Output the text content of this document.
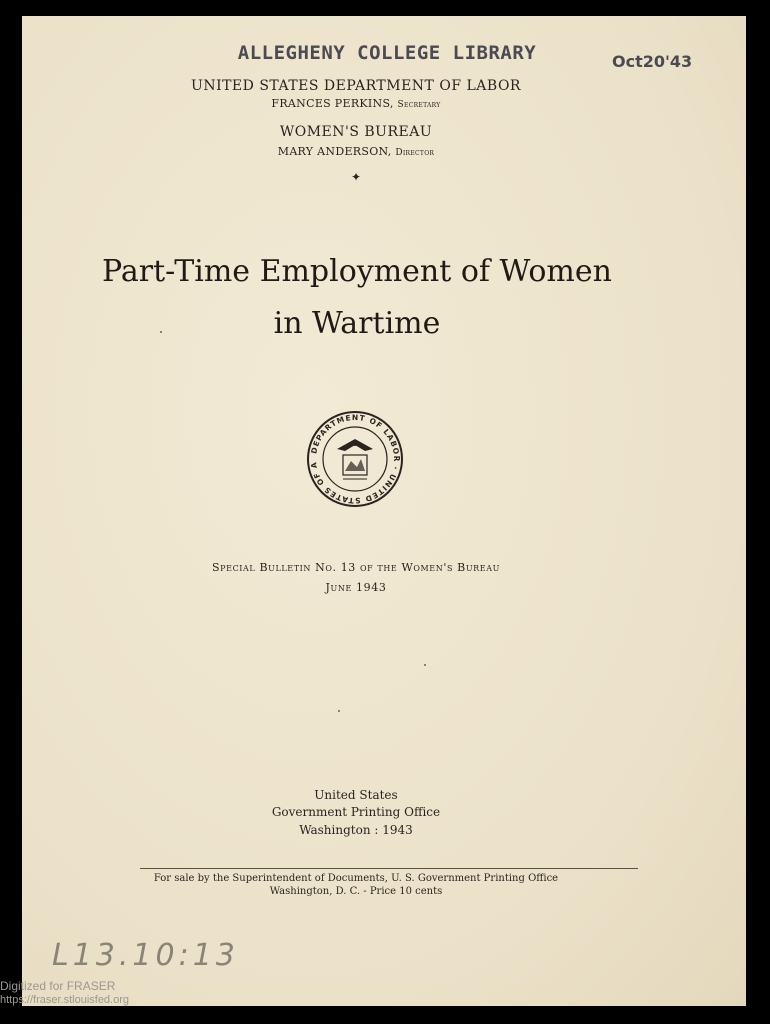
ALLEGHENY COLLEGE LIBRARY	Oct20'43
UNITED STATES DEPARTMENT OF LABOR
FRANCES PERKINS, Secretary
WOMEN'S BUREAU
MARY ANDERSON, Director
✦
Part-Time Employment of Women
in Wartime
DEPARTMENT OF LABOR · UNITED STATES OF A
Special Bulletin No. 13 of the Women's Bureau
June 1943
United States
Government Printing Office
Washington : 1943
For sale by the Superintendent of Documents, U. S. Government Printing Office
Washington, D. C. - Price 10 cents
L13.10:13
Digitized for FRASER
https://fraser.stlouisfed.org
